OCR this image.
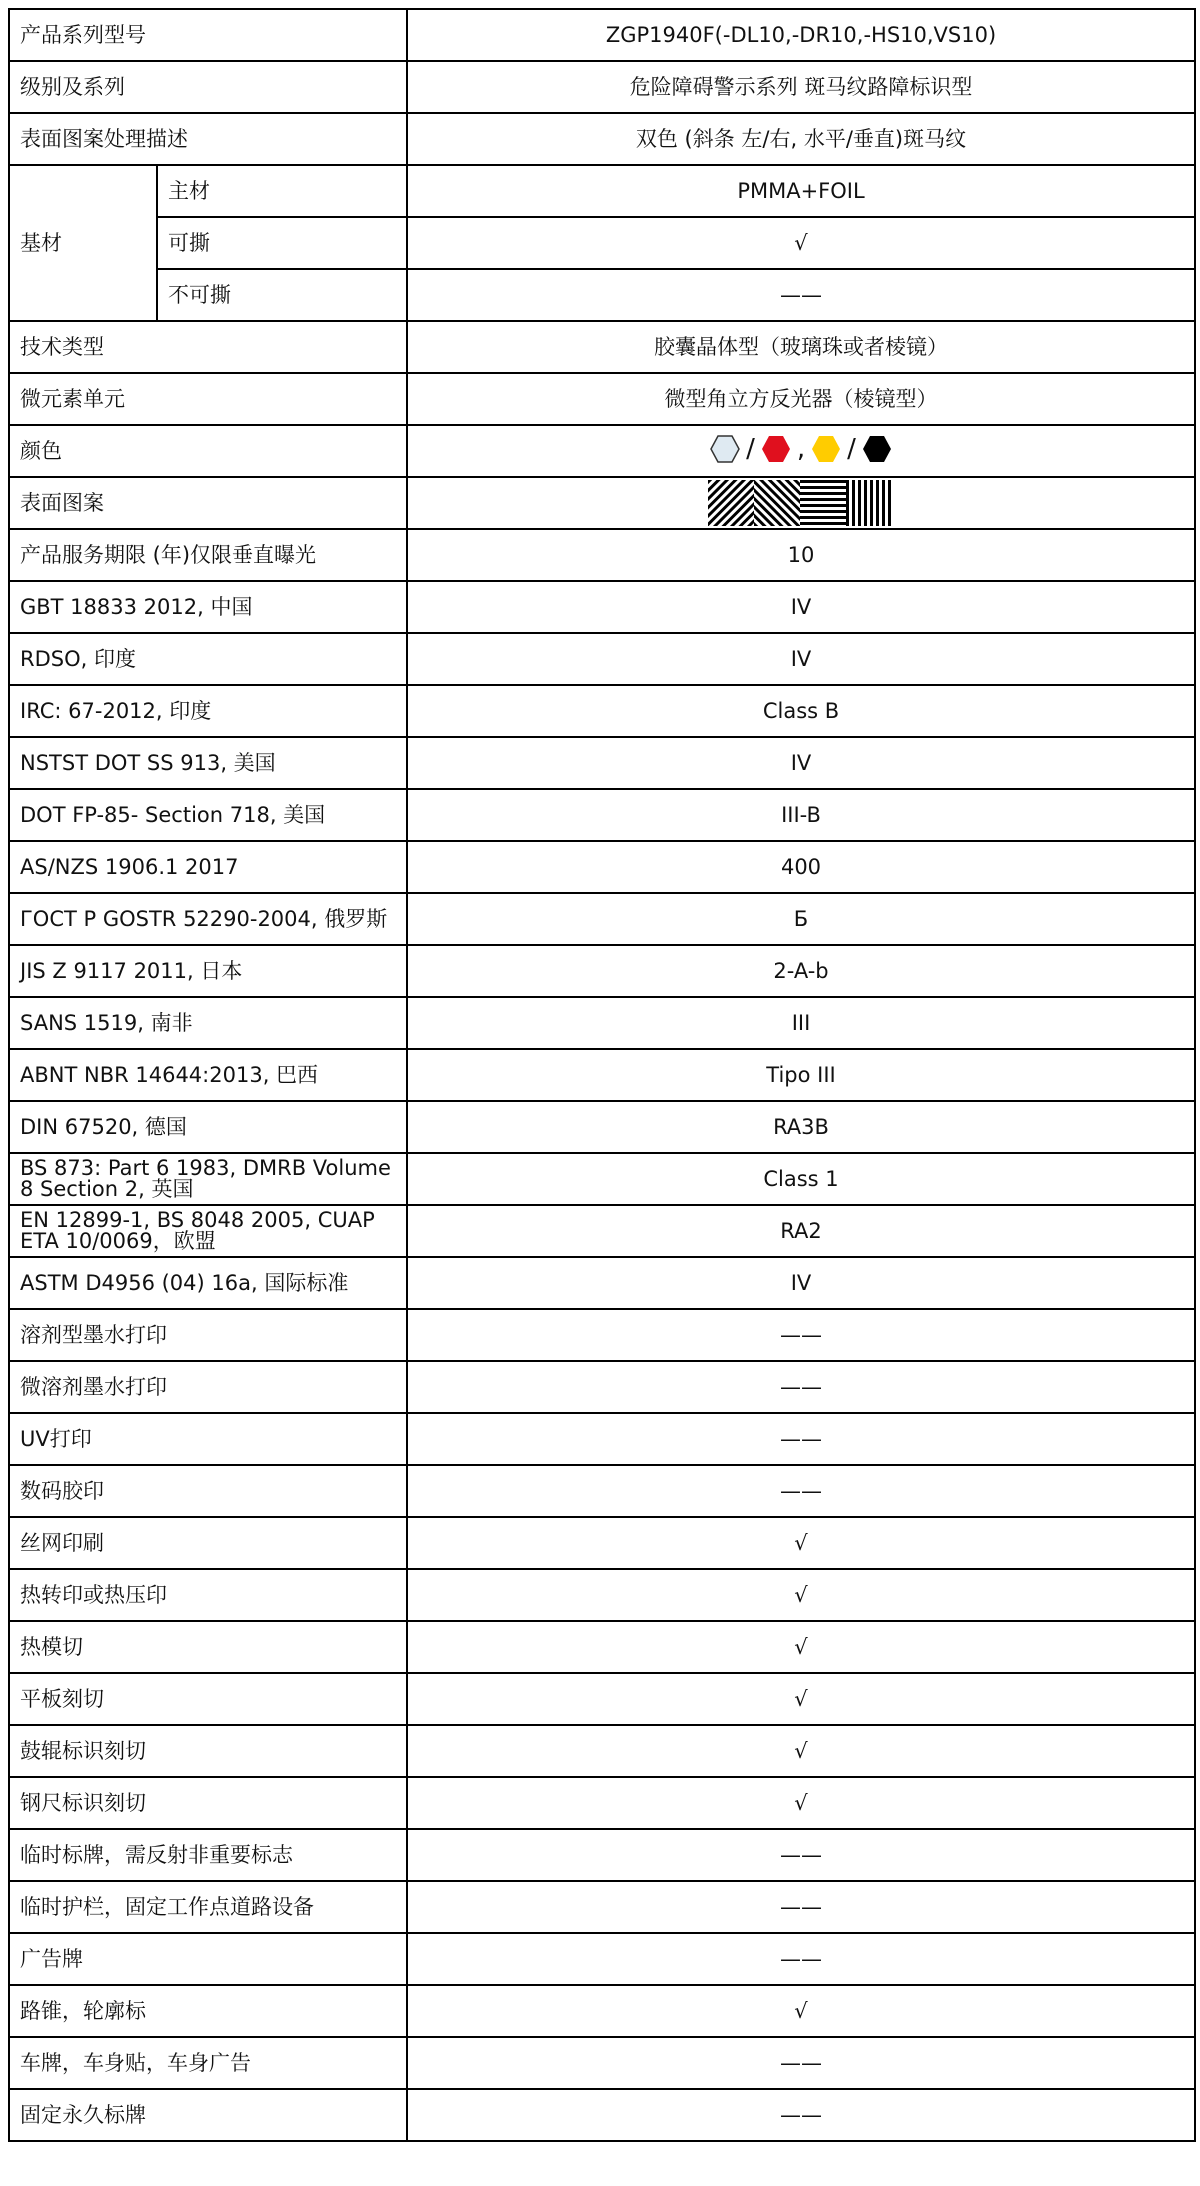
产品系列型号		ZGP1940F(-DL10,-DR10,-HS10,VS10)
级别及系列		危险障碍警示系列 斑马纹路障标识型
表面图案处理描述		双色 (斜条 左/右, 水平/垂直)斑马纹
基材	主材	PMMA+FOIL
	可撕	√
	不可撕	——
技术类型		胶囊晶体型（玻璃珠或者棱镜）
微元素单元		微型角立方反光器（棱镜型）
颜色		/ , /

表面图案	
产品服务期限 (年)仅限垂直曝光		10
GBT 18833 2012, 中国		IV
RDSO, 印度		IV
IRC: 67-2012, 印度		Class B
NSTST DOT SS 913, 美国		IV
DOT FP-85- Section 718, 美国		III-B
AS/NZS 1906.1 2017		400
ГОСТ Р GOSTR 52290-2004, 俄罗斯		Б
JIS Z 9117 2011, 日本		2-A-b
SANS 1519, 南非		III
ABNT NBR 14644:2013, 巴西		Tipo III
DIN 67520, 德国		RA3B
BS 873: Part 6 1983, DMRB Volume 8 Section 2, 英国		Class 1
EN 12899-1, BS 8048 2005, CUAP ETA 10/0069，欧盟		RA2
ASTM D4956 (04) 16a, 国际标准		IV
溶剂型墨水打印		——
微溶剂墨水打印		——
UV打印		——
数码胶印		——
丝网印刷		√
热转印或热压印		√
热模切		√
平板刻切		√
鼓辊标识刻切		√
钢尺标识刻切		√
临时标牌，需反射非重要标志		——
临时护栏，固定工作点道路设备		——
广告牌		——
路锥，轮廓标		√
车牌，车身贴，车身广告		——
固定永久标牌		——
